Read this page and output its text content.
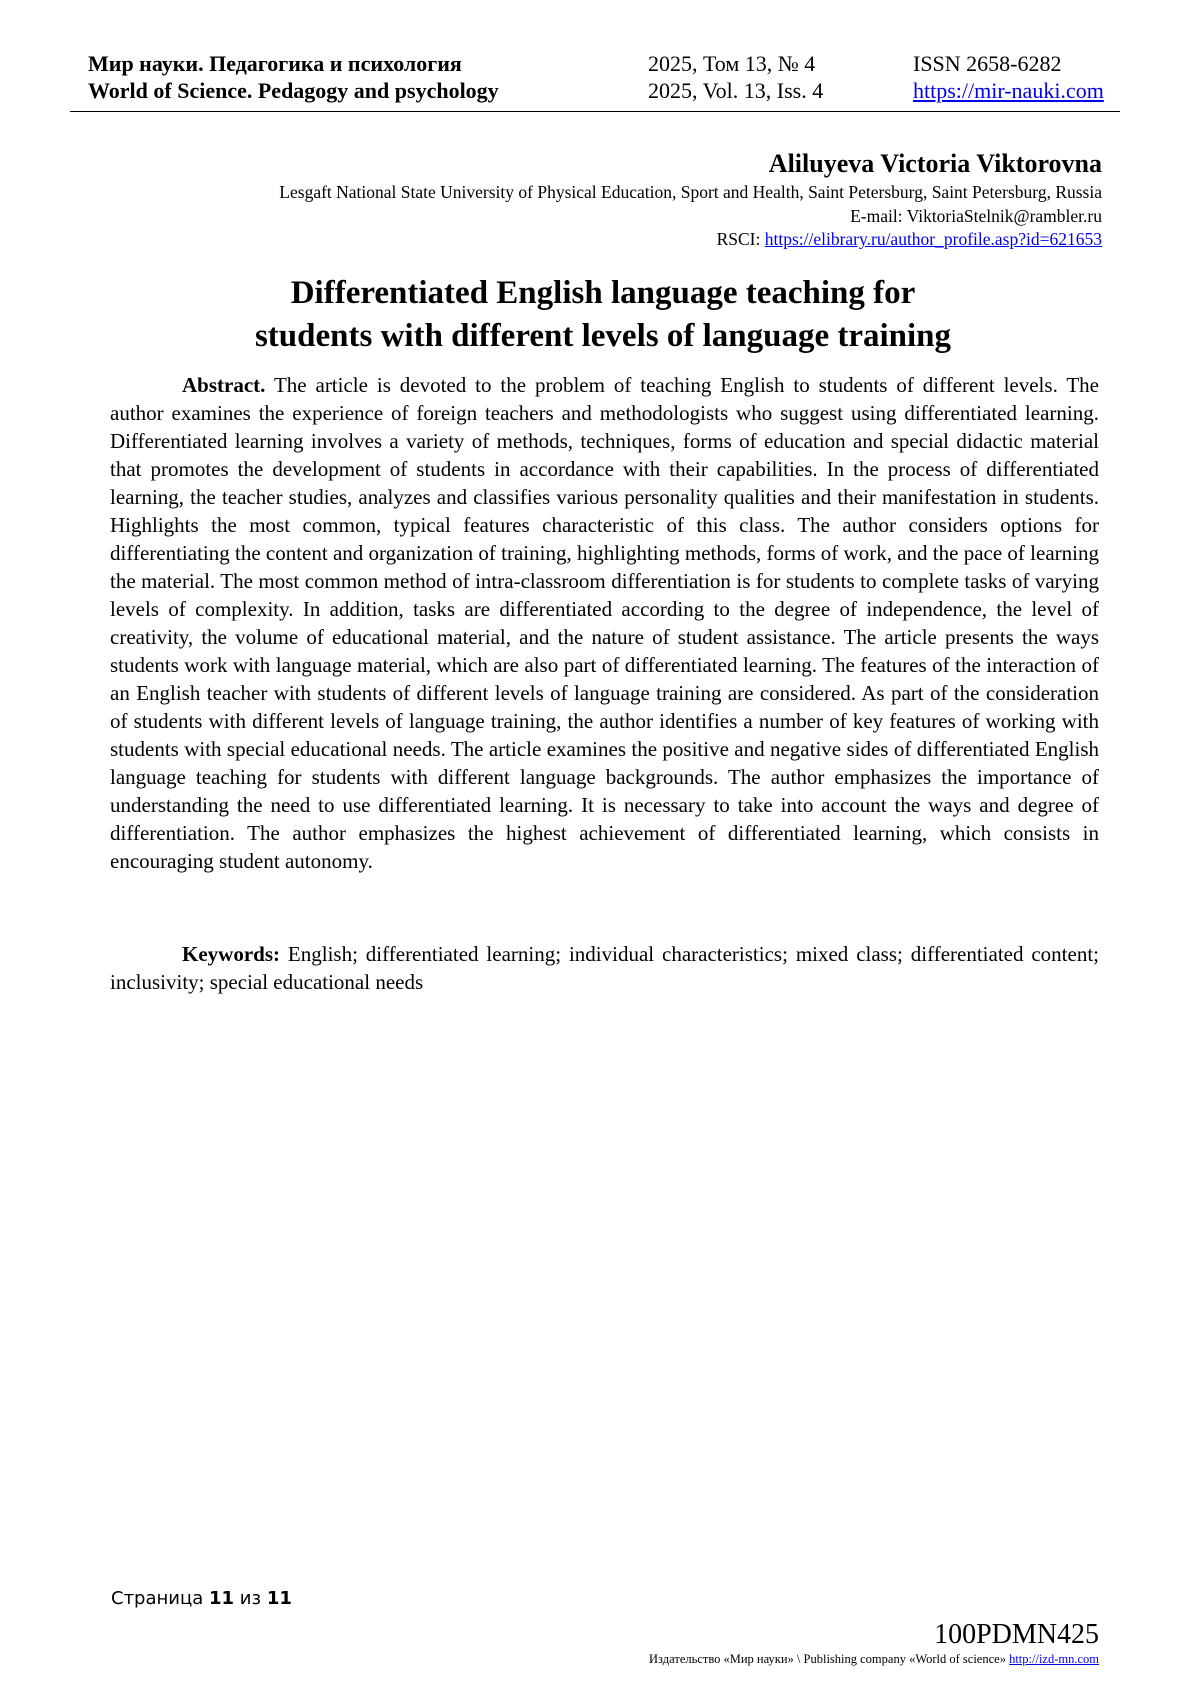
Мир науки. Педагогика и психология	2025, Том 13, № 4	ISSN 2658-6282
World of Science. Pedagogy and psychology	2025, Vol. 13, Iss. 4	https://mir-nauki.com
Aliluyeva Victoria Viktorovna
Lesgaft National State University of Physical Education, Sport and Health, Saint Petersburg, Saint Petersburg, Russia
E-mail: ViktoriaStelnik@rambler.ru
RSCI: https://elibrary.ru/author_profile.asp?id=621653
Differentiated English language teaching for
students with different levels of language training

Abstract. The article is devoted to the problem of teaching English to students of different levels. The author examines the experience of foreign teachers and methodologists who suggest using differentiated learning. Differentiated learning involves a variety of methods, techniques, forms of education and special didactic material that promotes the development of students in accordance with their capabilities. In the process of differentiated learning, the teacher studies, analyzes and classifies various personality qualities and their manifestation in students. Highlights the most common, typical features characteristic of this class. The author considers options for differentiating the content and organization of training, highlighting methods, forms of work, and the pace of learning the material. The most common method of intra-classroom differentiation is for students to complete tasks of varying levels of complexity. In addition, tasks are differentiated according to the degree of independence, the level of creativity, the volume of educational material, and the nature of student assistance. The article presents the ways students work with language material, which are also part of differentiated learning. The features of the interaction of an English teacher with students of different levels of language training are considered. As part of the consideration of students with different levels of language training, the author identifies a number of key features of working with students with special educational needs. The article examines the positive and negative sides of differentiated English language teaching for students with different language backgrounds. The author emphasizes the importance of understanding the need to use differentiated learning. It is necessary to take into account the ways and degree of differentiation. The author emphasizes the highest achievement of differentiated learning, which consists in encouraging student autonomy.

Keywords: English; differentiated learning; individual characteristics; mixed class; differentiated content; inclusivity; special educational needs

Страница 11 из 11
100PDMN425
Издательство «Мир науки» \ Publishing company «World of science» http://izd-mn.com
